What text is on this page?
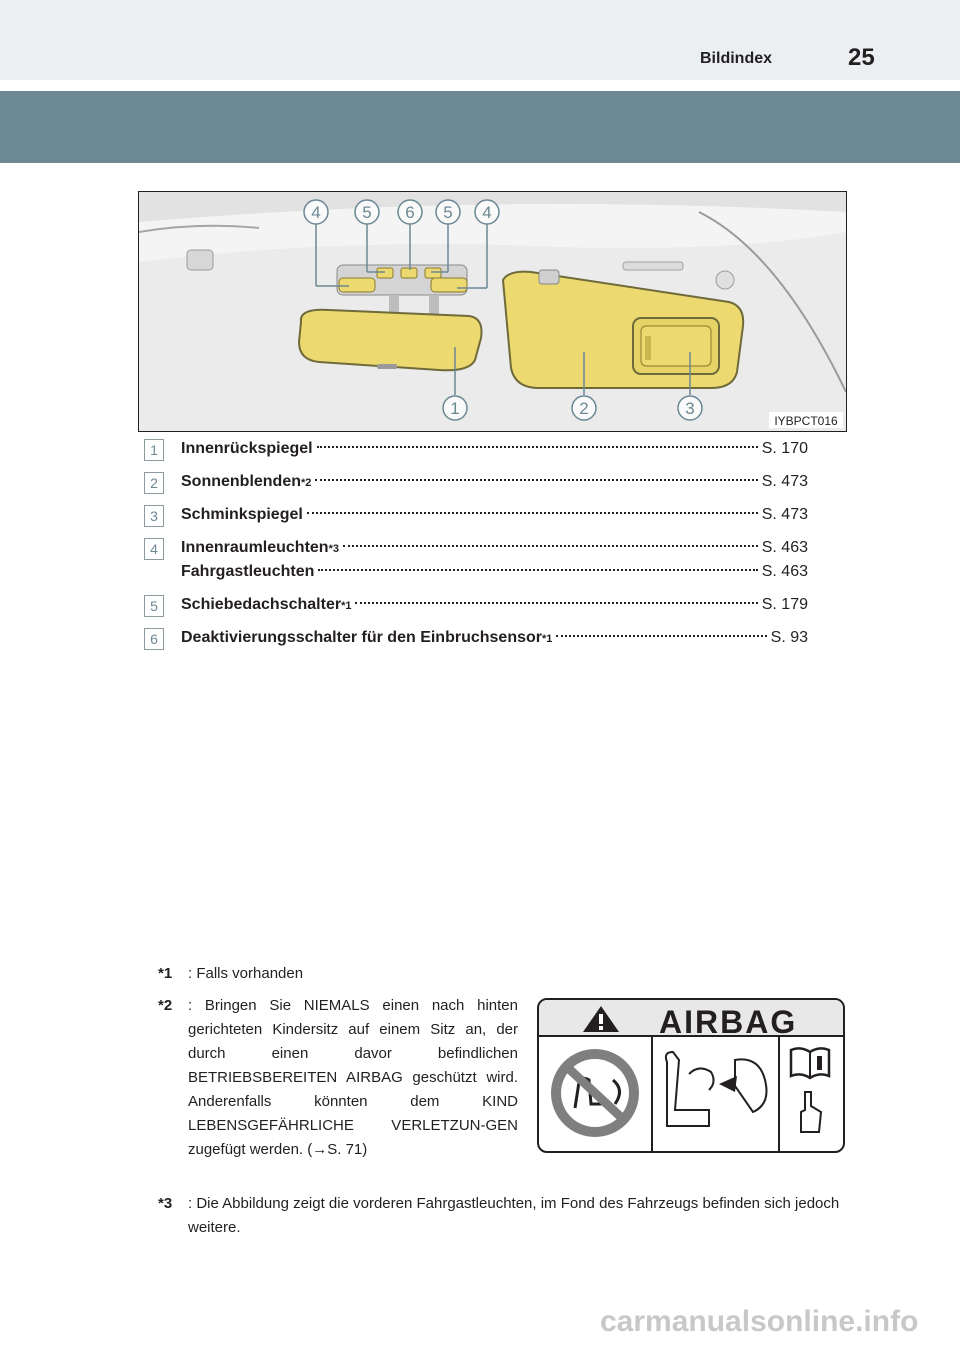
Bildindex	25
4 5 6 5 4
1	2	3
IYBPCT016
1	Innenrückspiegel	S. 170
2	Sonnenblenden *2	S. 473
3	Schminkspiegel	S. 473
4	Innenraumleuchten *3	S. 463
Fahrgastleuchten	S. 463
5	Schiebedachschalter *1	S. 179
6	Deaktivierungsschalter für den Einbruchsensor *1	S. 93
*1 : Falls vorhanden
*2 : Bringen Sie NIEMALS einen nach hinten gerichteten Kindersitz auf einem Sitz an, der durch einen davor befindlichen BETRIEBSBEREITEN AIRBAG geschützt wird. Anderenfalls könnten dem KIND LEBENSGEFÄHRLICHE VERLETZUN-GEN zugefügt werden. (→S. 71)
*3 : Die Abbildung zeigt die vorderen Fahrgastleuchten, im Fond des Fahrzeugs befinden sich jedoch weitere.
AIRBAG
carmanualsonline.info
